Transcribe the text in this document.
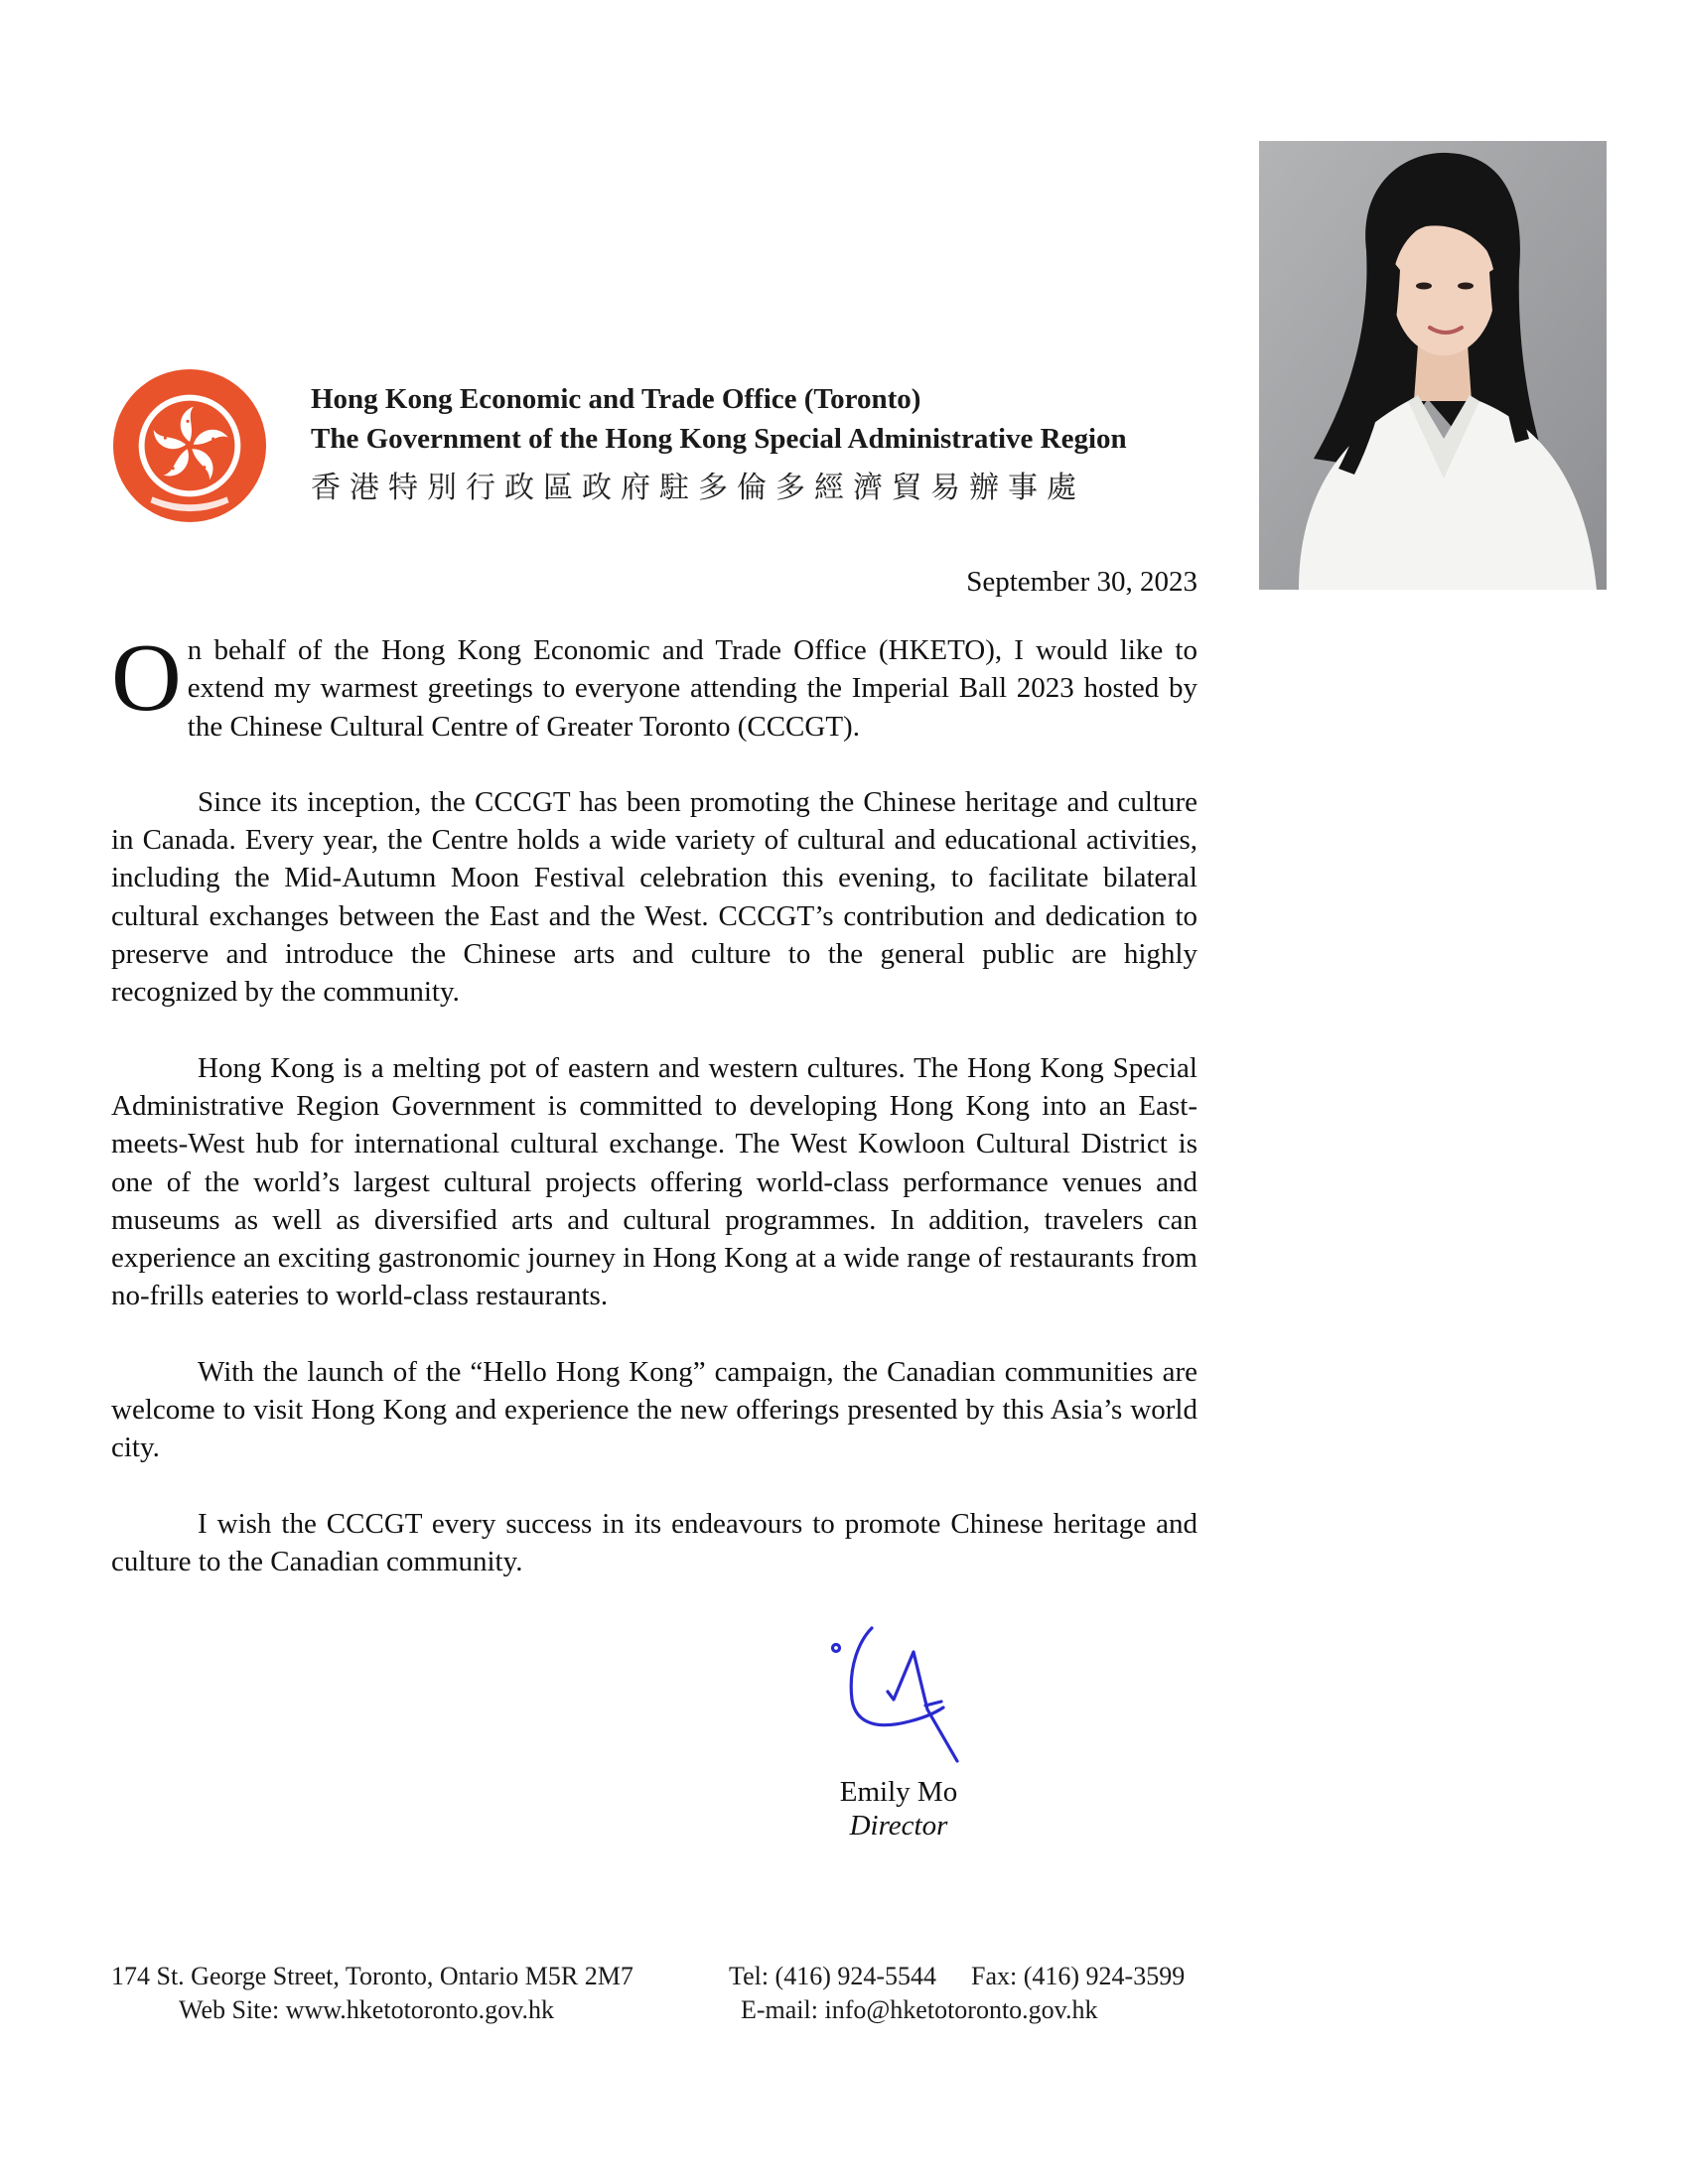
Hong Kong Economic and Trade Office (Toronto)
The Government of the Hong Kong Special Administrative Region
香港特別行政區政府駐多倫多經濟貿易辦事處
September 30, 2023

On behalf of the Hong Kong Economic and Trade Office (HKETO), I would like to extend my warmest greetings to everyone attending the Imperial Ball 2023 hosted by the Chinese Cultural Centre of Greater Toronto (CCCGT).

Since its inception, the CCCGT has been promoting the Chinese heritage and culture in Canada. Every year, the Centre holds a wide variety of cultural and educational activities, including the Mid-Autumn Moon Festival celebration this evening, to facilitate bilateral cultural exchanges between the East and the West. CCCGT’s contribution and dedication to preserve and introduce the Chinese arts and culture to the general public are highly recognized by the community.

Hong Kong is a melting pot of eastern and western cultures. The Hong Kong Special Administrative Region Government is committed to developing Hong Kong into an East-meets-West hub for international cultural exchange. The West Kowloon Cultural District is one of the world’s largest cultural projects offering world-class performance venues and museums as well as diversified arts and cultural programmes. In addition, travelers can experience an exciting gastronomic journey in Hong Kong at a wide range of restaurants from no-frills eateries to world-class restaurants.

With the launch of the “Hello Hong Kong” campaign, the Canadian communities are welcome to visit Hong Kong and experience the new offerings presented by this Asia’s world city.

I wish the CCCGT every success in its endeavours to promote Chinese heritage and culture to the Canadian community.

Emily Mo
Director
174 St. George Street, Toronto, Ontario M5R 2M7
Web Site: www.hketotoronto.gov.hk
Tel: (416) 924-5544 Fax: (416) 924-3599
E-mail: info@hketotoronto.gov.hk
